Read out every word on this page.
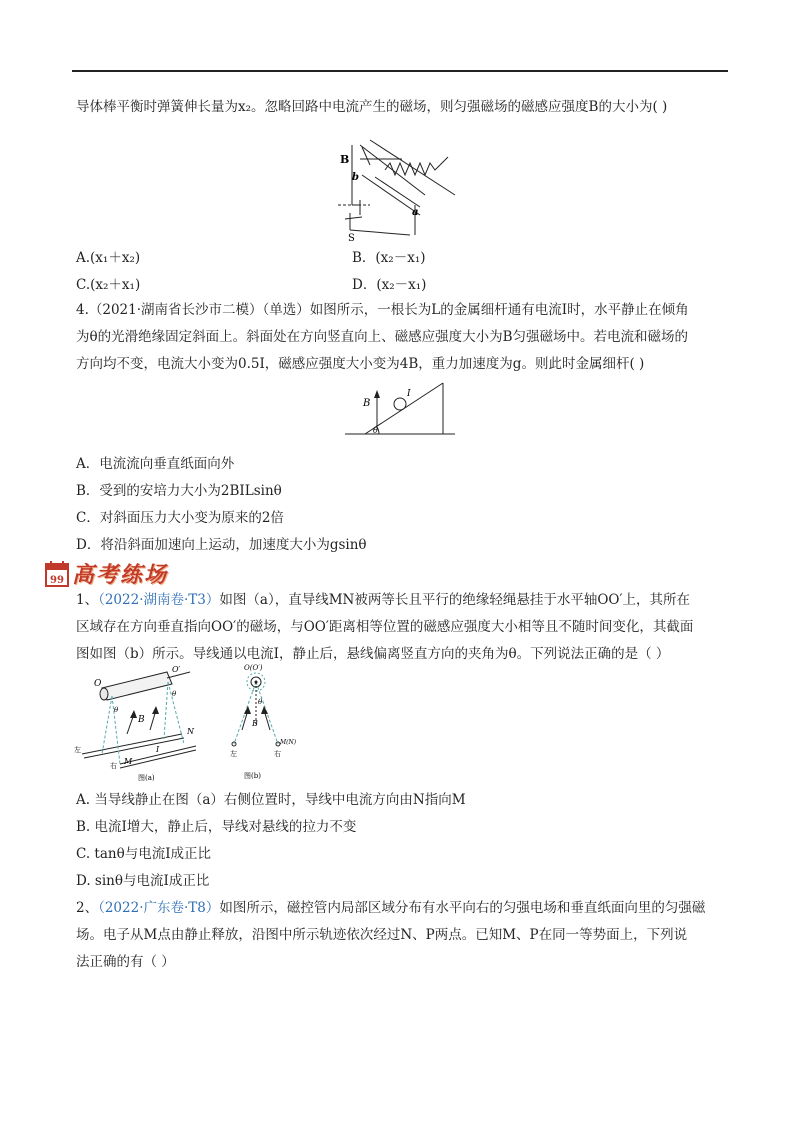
导体棒平衡时弹簧伸长量为x₂。忽略回路中电流产生的磁场，则匀强磁场的磁感应强度B的大小为( )
B
b
a
S
A.(x₁＋x₂)	B．(x₂－x₁)
C.(x₂＋x₁)	D．(x₂－x₁)
4.（2021·湖南省长沙市二模）（单选）如图所示，一根长为L的金属细杆通有电流I时，水平静止在倾角
为θ的光滑绝缘固定斜面上。斜面处在方向竖直向上、磁感应强度大小为B匀强磁场中。若电流和磁场的
方向均不变，电流大小变为0.5I，磁感应强度大小变为4B，重力加速度为g。则此时金属细杆( )
B
I
θ
A．电流流向垂直纸面向外
B．受到的安培力大小为2BILsinθ
C．对斜面压力大小变为原来的2倍
D．将沿斜面加速向上运动，加速度大小为gsinθ
99 高考练场
1、（2022·湖南卷·T3）如图（a），直导线MN被两等长且平行的绝缘轻绳悬挂于水平轴OO′上，其所在
区域存在方向垂直指向OO′的磁场，与OO′距离相等位置的磁感应强度大小相等且不随时间变化，其截面
图如图（b）所示。导线通以电流I，静止后，悬线偏离竖直方向的夹角为θ。下列说法正确的是（ ）
O
O′
B
θ
θ
N
M
I
左
右
图(a)
O(O′)
θ
B
左	右
M(N)
图(b)
A. 当导线静止在图（a）右侧位置时，导线中电流方向由N指向M
B. 电流I增大，静止后，导线对悬线的拉力不变
C. tanθ与电流I成正比
D. sinθ与电流I成正比
2、（2022·广东卷·T8）如图所示，磁控管内局部区域分布有水平向右的匀强电场和垂直纸面向里的匀强磁
场。电子从M点由静止释放，沿图中所示轨迹依次经过N、P两点。已知M、P在同一等势面上，下列说
法正确的有（ ）
